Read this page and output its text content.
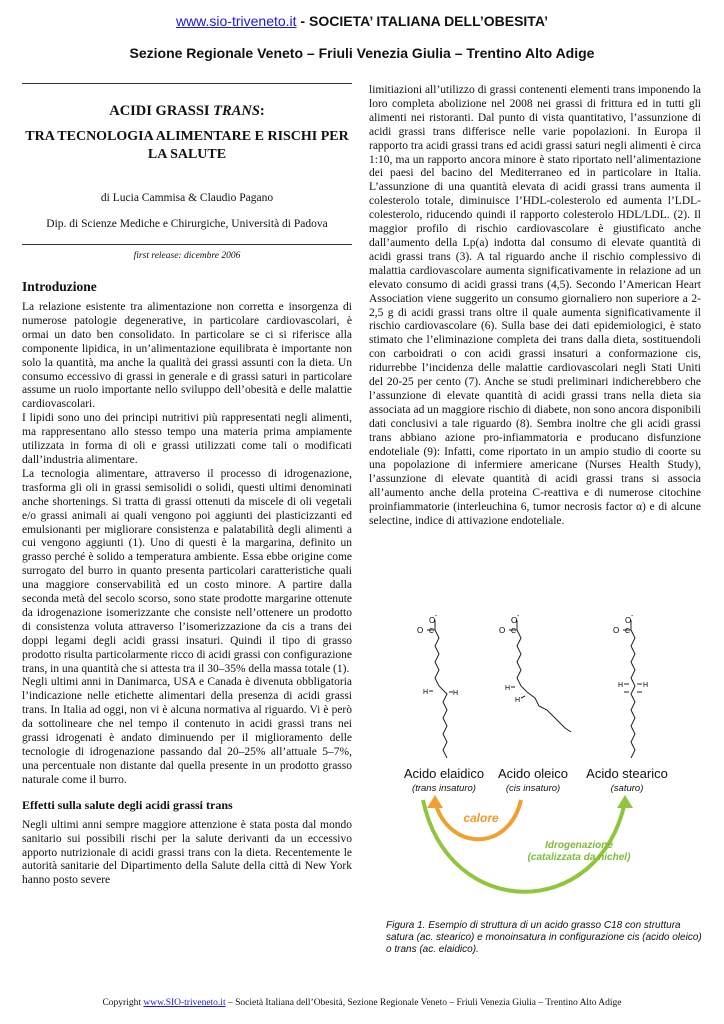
www.sio-triveneto.it - SOCIETA’ ITALIANA DELL’OBESITA’
Sezione Regionale Veneto – Friuli Venezia Giulia – Trentino Alto Adige
ACIDI GRASSI TRANS:
TRA TECNOLOGIA ALIMENTARE E RISCHI PER LA SALUTE
di Lucia Cammisa & Claudio Pagano
Dip. di Scienze Mediche e Chirurgiche, Università di Padova
first release: dicembre 2006
Introduzione

La relazione esistente tra alimentazione non corretta e insorgenza di numerose patologie degenerative, in particolare cardiovascolari, è ormai un dato ben consolidato. In particolare se ci si riferisce alla componente lipidica, in un’alimentazione equilibrata è importante non solo la quantità, ma anche la qualità dei grassi assunti con la dieta. Un consumo eccessivo di grassi in generale e di grassi saturi in particolare assume un ruolo importante nello sviluppo dell’obesità e delle malattie cardiovascolari.

I lipidi sono uno dei principi nutritivi più rappresentati negli alimenti, ma rappresentano allo stesso tempo una materia prima ampiamente utilizzata in forma di oli e grassi utilizzati come tali o modificati dall’industria alimentare.

La tecnologia alimentare, attraverso il processo di idrogenazione, trasforma gli oli in grassi semisolidi o solidi, questi ultimi denominati anche shortenings. Si tratta di grassi ottenuti da miscele di oli vegetali e/o grassi animali ai quali vengono poi aggiunti dei plasticizzanti ed emulsionanti per migliorare consistenza e palatabilità degli alimenti a cui vengono aggiunti (1). Uno di questi è la margarina, definito un grasso perché è solido a temperatura ambiente. Essa ebbe origine come surrogato del burro in quanto presenta particolari caratteristiche quali una maggiore conservabilità ed un costo minore. A partire dalla seconda metà del secolo scorso, sono state prodotte margarine ottenute da idrogenazione isomerizzante che consiste nell’ottenere un prodotto di consistenza voluta attraverso l’isomerizzazione da cis a trans dei doppi legami degli acidi grassi insaturi. Quindi il tipo di grasso prodotto risulta particolarmente ricco di acidi grassi con configurazione trans, in una quantità che si attesta tra il 30–35% della massa totale (1).

Negli ultimi anni in Danimarca, USA e Canada è divenuta obbligatoria l’indicazione nelle etichette alimentari della presenza di acidi grassi trans. In Italia ad oggi, non vi è alcuna normativa al riguardo. Vi è però da sottolineare che nel tempo il contenuto in acidi grassi trans nei grassi idrogenati è andato diminuendo per il miglioramento delle tecnologie di idrogenazione passando dal 20–25% all’attuale 5–7%, una percentuale non distante dal quella presente in un prodotto grasso naturale come il burro.

Effetti sulla salute degli acidi grassi trans

Negli ultimi anni sempre maggiore attenzione è stata posta dal mondo sanitario sui possibili rischi per la salute derivanti da un eccessivo apporto nutrizionale di acidi grassi trans con la dieta. Recentemente le autorità sanitarie del Dipartimento della Salute della città di New York hanno posto severe

limitiazioni all’utilizzo di grassi contenenti elementi trans imponendo la loro completa abolizione nel 2008 nei grassi di frittura ed in tutti gli alimenti nei ristoranti. Dal punto di vista quantitativo, l’assunzione di acidi grassi trans differisce nelle varie popolazioni. In Europa il rapporto tra acidi grassi trans ed acidi grassi saturi negli alimenti è circa 1:10, ma un rapporto ancora minore è stato riportato nell’alimentazione dei paesi del bacino del Mediterraneo ed in particolare in Italia. L’assunzione di una quantità elevata di acidi grassi trans aumenta il colesterolo totale, diminuisce l’HDL-colesterolo ed aumenta l’LDL-colesterolo, riducendo quindi il rapporto colesterolo HDL/LDL. (2). Il maggior profilo di rischio cardiovascolare è giustificato anche dall’aumento della Lp(a) indotta dal consumo di elevate quantità di acidi grassi trans (3). A tal riguardo anche il rischio complessivo di malattia cardiovascolare aumenta significativamente in relazione ad un elevato consumo di acidi grassi trans (4,5). Secondo l’American Heart Association viene suggerito un consumo giornaliero non superiore a 2-2,5 g di acidi grassi trans oltre il quale aumenta significativamente il rischio cardiovascolare (6). Sulla base dei dati epidemiologici, è stato stimato che l’eliminazione completa dei trans dalla dieta, sostituendoli con carboidrati o con acidi grassi insaturi a conformazione cis, ridurrebbe l’incidenza delle malattie cardiovascolari negli Stati Uniti del 20-25 per cento (7). Anche se studi preliminari indicherebbero che l’assunzione di elevate quantità di acidi grassi trans nella dieta sia associata ad un maggiore rischio di diabete, non sono ancora disponibili dati conclusivi a tale riguardo (8). Sembra inoltre che gli acidi grassi trans abbiano azione pro-infiammatoria e producano disfunzione endoteliale (9): Infatti, come riportato in un ampio studio di coorte su una popolazione di infermiere americane (Nurses Health Study), l’assunzione di elevate quantità di acidi grassi trans si associa all’aumento anche della proteina C-reattiva e di numerose citochine proinfiammatorie (interleuchina 6, tumor necrosis factor α) e di alcune selectine, indice di attivazione endoteliale.

O -
O C
H	H
O -
O C
H
H
O -
O C
H	H
Acido elaidico
(trans insaturo)
Acido oleico
(cis insaturo)
Acido stearico
(saturo)
calore
Idrogenazione
(catalizzata da nichel)
Figura 1. Esempio di struttura di un acido grasso C18 con struttura satura (ac. stearico) e monoinsatura in configurazione cis (acido oleico) o trans (ac. elaidico).
Copyright www.SIO-triveneto.it – Società Italiana dell’Obesità, Sezione Regionale Veneto – Friuli Venezia Giulia – Trentino Alto Adige
